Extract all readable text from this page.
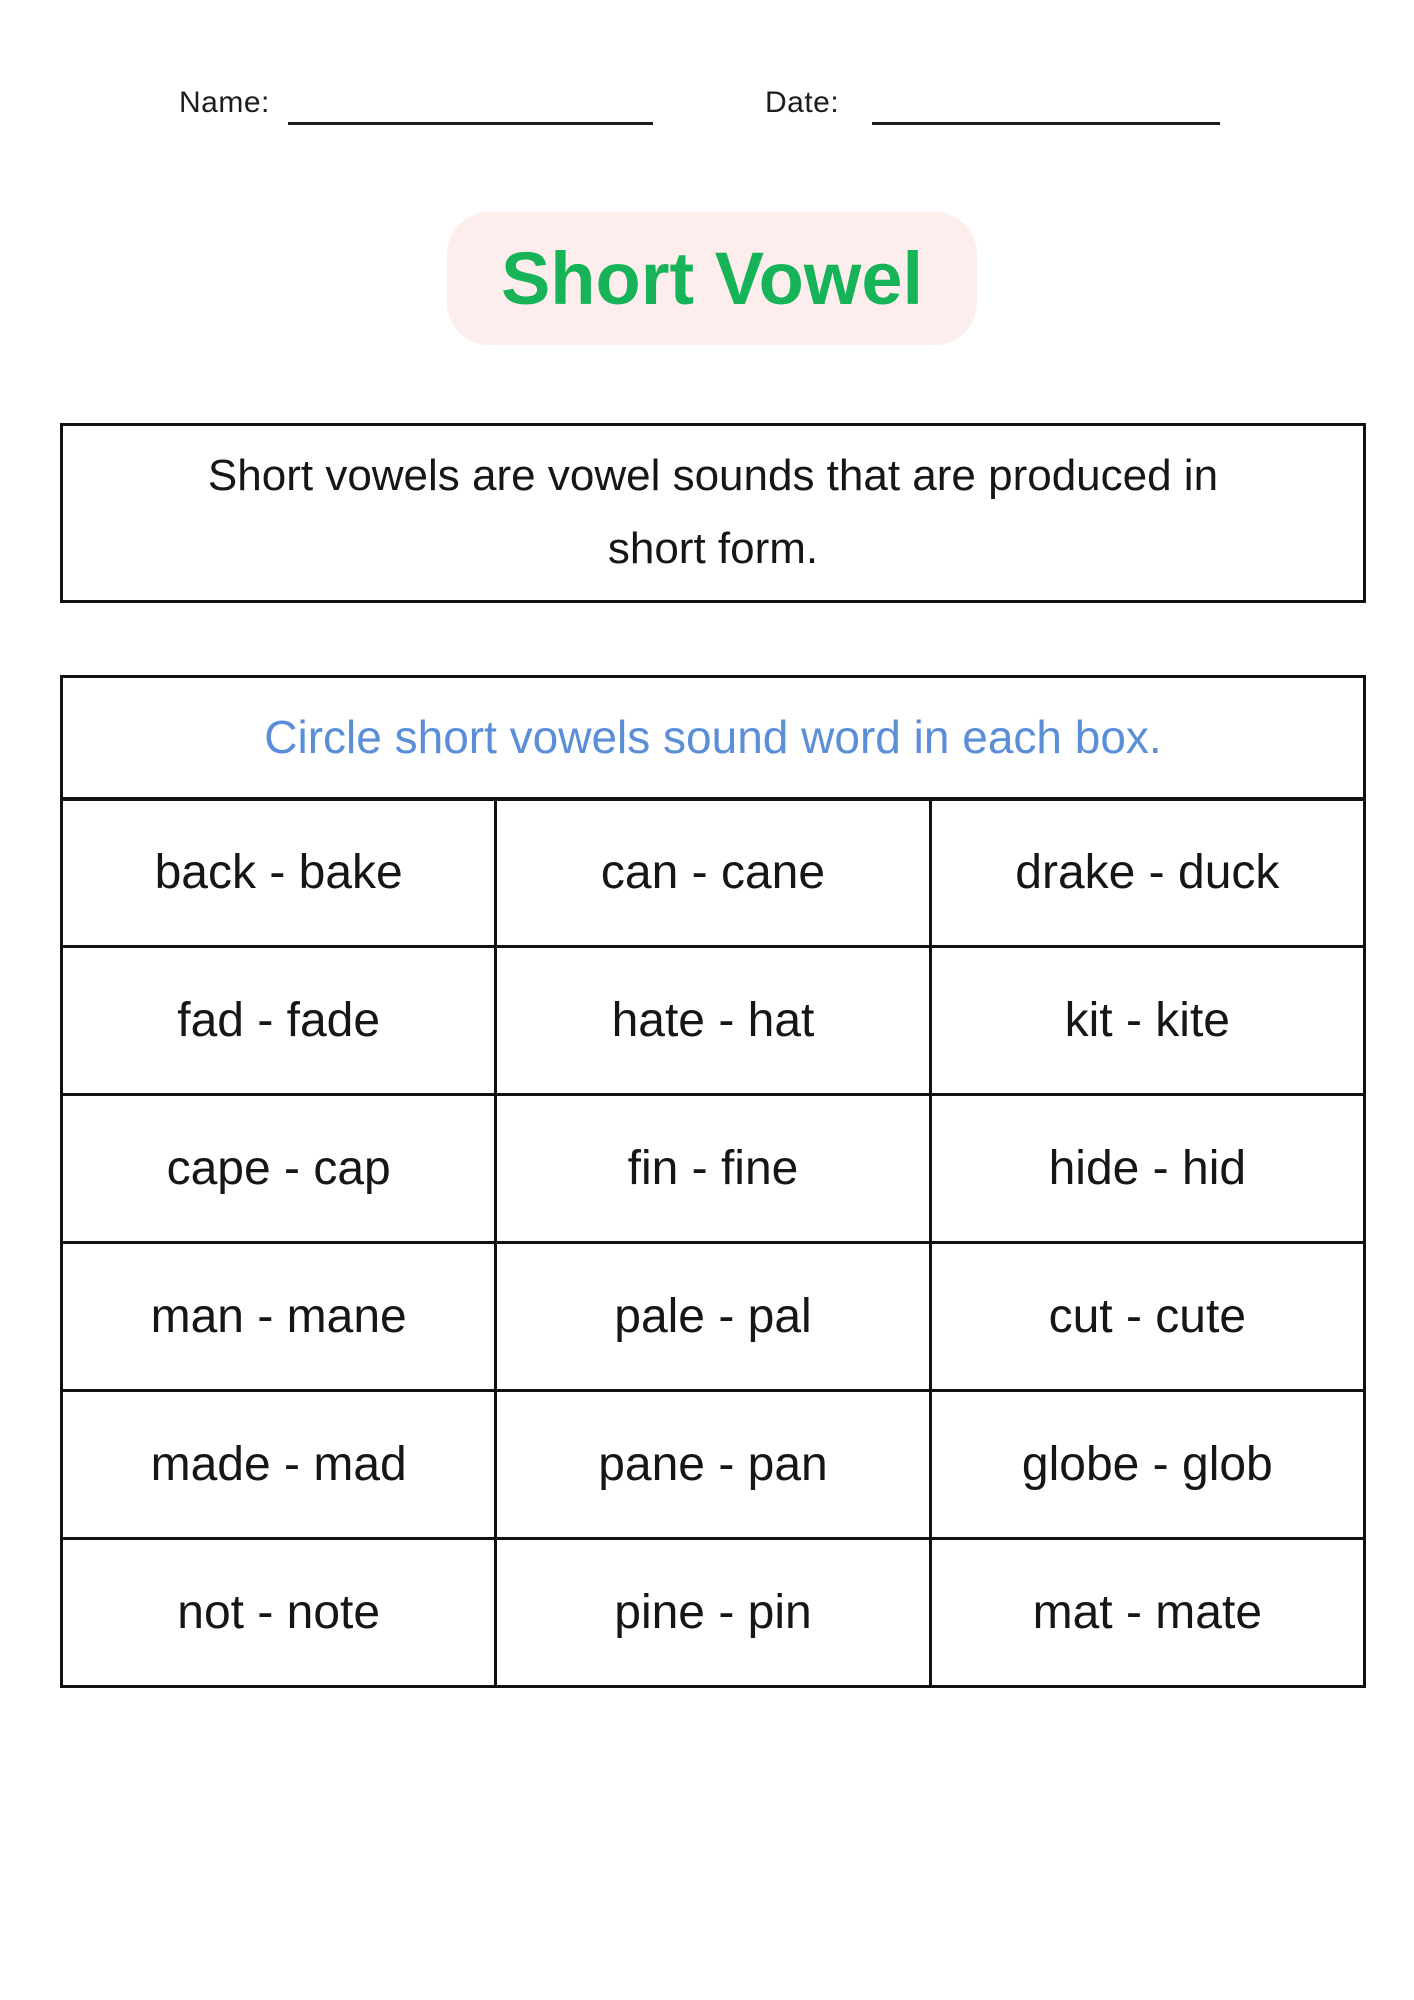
Name:	Date:
Short Vowel
Short vowels are vowel sounds that are produced in short form.
Circle short vowels sound word in each box.		
back - bake	can - cane	drake - duck
fad - fade	hate - hat	kit - kite
cape - cap	fin - fine	hide - hid
man - mane	pale - pal	cut - cute
made - mad	pane - pan	globe - glob
not - note	pine - pin	mat - mate
